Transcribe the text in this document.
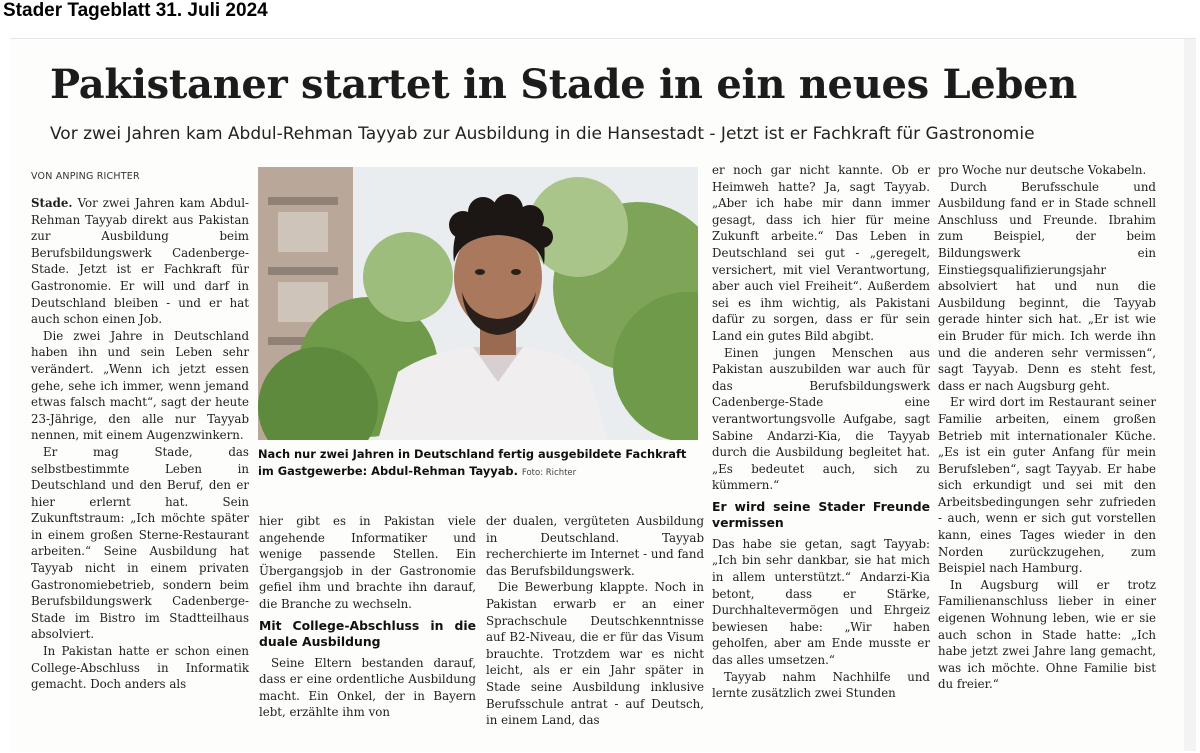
Stader Tageblatt 31. Juli 2024
Pakistaner startet in Stade in ein neues Leben

Vor zwei Jahren kam Abdul-Rehman Tayyab zur Ausbildung in die Hansestadt - Jetzt ist er Fachkraft für Gastronomie

VON ANPING RICHTER

Stade. Vor zwei Jahren kam Abdul-Rehman Tayyab direkt aus Pakistan zur Ausbildung beim Berufsbildungswerk Cadenberge-Stade. Jetzt ist er Fachkraft für Gastronomie. Er will und darf in Deutschland bleiben - und er hat auch schon einen Job.

Die zwei Jahre in Deutschland haben ihn und sein Leben sehr verändert. „Wenn ich jetzt essen gehe, sehe ich immer, wenn jemand etwas falsch macht“, sagt der heute 23-Jährige, den alle nur Tayyab nennen, mit einem Augenzwinkern.

Er mag Stade, das selbstbestimmte Leben in Deutschland und den Beruf, den er hier erlernt hat. Sein Zukunftstraum: „Ich möchte später in einem großen Sterne-Restaurant arbeiten.“ Seine Ausbildung hat Tayyab nicht in einem privaten Gastronomiebetrieb, sondern beim Berufsbildungswerk Cadenberge-Stade im Bistro im Stadtteilhaus absolviert.

In Pakistan hatte er schon einen College-Abschluss in Informatik gemacht. Doch anders als

Nach nur zwei Jahren in Deutschland fertig ausgebildete Fachkraft im Gastgewerbe: Abdul-Rehman Tayyab. Foto: Richter

hier gibt es in Pakistan viele angehende Informatiker und wenige passende Stellen. Ein Übergangsjob in der Gastronomie gefiel ihm und brachte ihn darauf, die Branche zu wechseln.

Mit College-Abschluss in die duale Ausbildung

Seine Eltern bestanden darauf, dass er eine ordentliche Ausbildung macht. Ein Onkel, der in Bayern lebt, erzählte ihm von

der dualen, vergüteten Ausbildung in Deutschland. Tayyab recherchierte im Internet - und fand das Berufsbildungswerk.

Die Bewerbung klappte. Noch in Pakistan erwarb er an einer Sprachschule Deutschkenntnisse auf B2-Niveau, die er für das Visum brauchte. Trotzdem war es nicht leicht, als er ein Jahr später in Stade seine Ausbildung inklusive Berufsschule antrat - auf Deutsch, in einem Land, das

er noch gar nicht kannte. Ob er Heimweh hatte? Ja, sagt Tayyab. „Aber ich habe mir dann immer gesagt, dass ich hier für meine Zukunft arbeite.“ Das Leben in Deutschland sei gut - „geregelt, versichert, mit viel Verantwortung, aber auch viel Freiheit“. Außerdem sei es ihm wichtig, als Pakistani dafür zu sorgen, dass er für sein Land ein gutes Bild abgibt.

Einen jungen Menschen aus Pakistan auszubilden war auch für das Berufsbildungswerk Cadenberge-Stade eine verantwortungsvolle Aufgabe, sagt Sabine Andarzi-Kia, die Tayyab durch die Ausbildung begleitet hat. „Es bedeutet auch, sich zu kümmern.“

Er wird seine Stader Freunde vermissen

Das habe sie getan, sagt Tayyab: „Ich bin sehr dankbar, sie hat mich in allem unterstützt.“ Andarzi-Kia betont, dass er Stärke, Durchhaltevermögen und Ehrgeiz bewiesen habe: „Wir haben geholfen, aber am Ende musste er das alles umsetzen.“

Tayyab nahm Nachhilfe und lernte zusätzlich zwei Stunden

pro Woche nur deutsche Vokabeln.

Durch Berufsschule und Ausbildung fand er in Stade schnell Anschluss und Freunde. Ibrahim zum Beispiel, der beim Bildungswerk ein Einstiegsqualifizierungsjahr absolviert hat und nun die Ausbildung beginnt, die Tayyab gerade hinter sich hat. „Er ist wie ein Bruder für mich. Ich werde ihn und die anderen sehr vermissen“, sagt Tayyab. Denn es steht fest, dass er nach Augsburg geht.

Er wird dort im Restaurant seiner Familie arbeiten, einem großen Betrieb mit internationaler Küche. „Es ist ein guter Anfang für mein Berufsleben“, sagt Tayyab. Er habe sich erkundigt und sei mit den Arbeitsbedingungen sehr zufrieden - auch, wenn er sich gut vorstellen kann, eines Tages wieder in den Norden zurückzugehen, zum Beispiel nach Hamburg.

In Augsburg will er trotz Familienanschluss lieber in einer eigenen Wohnung leben, wie er sie auch schon in Stade hatte: „Ich habe jetzt zwei Jahre lang gemacht, was ich möchte. Ohne Familie bist du freier.“
